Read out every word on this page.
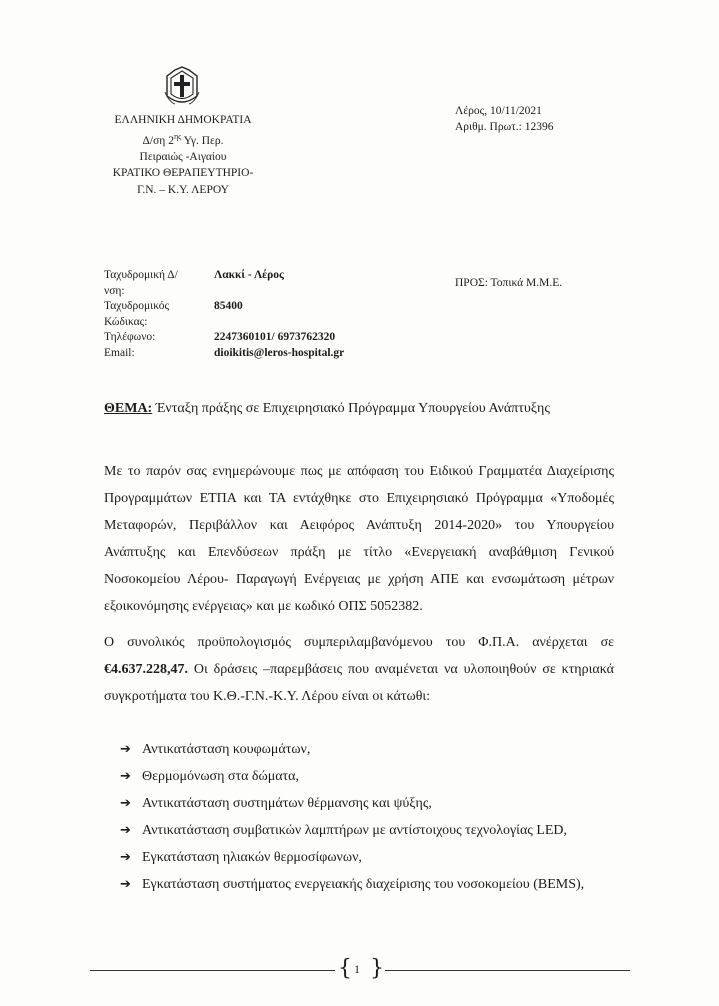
ΕΛΛΗΝΙΚΗ ΔΗΜΟΚΡΑΤΙΑ
Δ/ση $2^{\eta\varsigma}$ Υγ. Περ.
Πειραιώς -Αιγαίου
ΚΡΑΤΙΚΟ ΘΕΡΑΠΕΥΤΗΡΙΟ-
Γ.Ν. – Κ.Υ. ΛΕΡΟΥ
Λέρος, 10/11/2021
Αριθμ. Πρωτ.: 12396
Ταχυδρομική Δ/νση:
Λακκί - Λέρος
Ταχυδρομικός Κώδικας:
85400
Τηλέφωνο:	2247360101/ 6973762320
Email:	dioikitis@leros-hospital.gr
ΠΡΟΣ: Τοπικά Μ.Μ.Ε.
ΘΕΜΑ: Ένταξη πράξης σε Επιχειρησιακό Πρόγραμμα Υπουργείου Ανάπτυξης
Με το παρόν σας ενημερώνουμε πως με απόφαση του Ειδικού Γραμματέα Διαχείρισης Προγραμμάτων ΕΤΠΑ και ΤΑ εντάχθηκε στο Επιχειρησιακό Πρόγραμμα «Υποδομές Μεταφορών, Περιβάλλον και Αειφόρος Ανάπτυξη 2014-2020» του Υπουργείου Ανάπτυξης και Επενδύσεων πράξη με τίτλο «Ενεργειακή αναβάθμιση Γενικού Νοσοκομείου Λέρου- Παραγωγή Ενέργειας με χρήση ΑΠΕ και ενσωμάτωση μέτρων εξοικονόμησης ενέργειας» και με κωδικό ΟΠΣ 5052382.
Ο συνολικός προϋπολογισμός συμπεριλαμβανόμενου του Φ.Π.Α. ανέρχεται σε €4.637.228,47. Οι δράσεις –παρεμβάσεις που αναμένεται να υλοποιηθούν σε κτηριακά συγκροτήματα του Κ.Θ.-Γ.Ν.-Κ.Υ. Λέρου είναι οι κάτωθι:
➔ Αντικατάσταση κουφωμάτων,
➔ Θερμομόνωση στα δώματα,
➔ Αντικατάσταση συστημάτων θέρμανσης και ψύξης,
➔ Αντικατάσταση συμβατικών λαμπτήρων με αντίστοιχους τεχνολογίας LED,
➔ Εγκατάσταση ηλιακών θερμοσίφωνων,
➔ Εγκατάσταση συστήματος ενεργειακής διαχείρισης του νοσοκομείου (BEMS),
{ 1 }
